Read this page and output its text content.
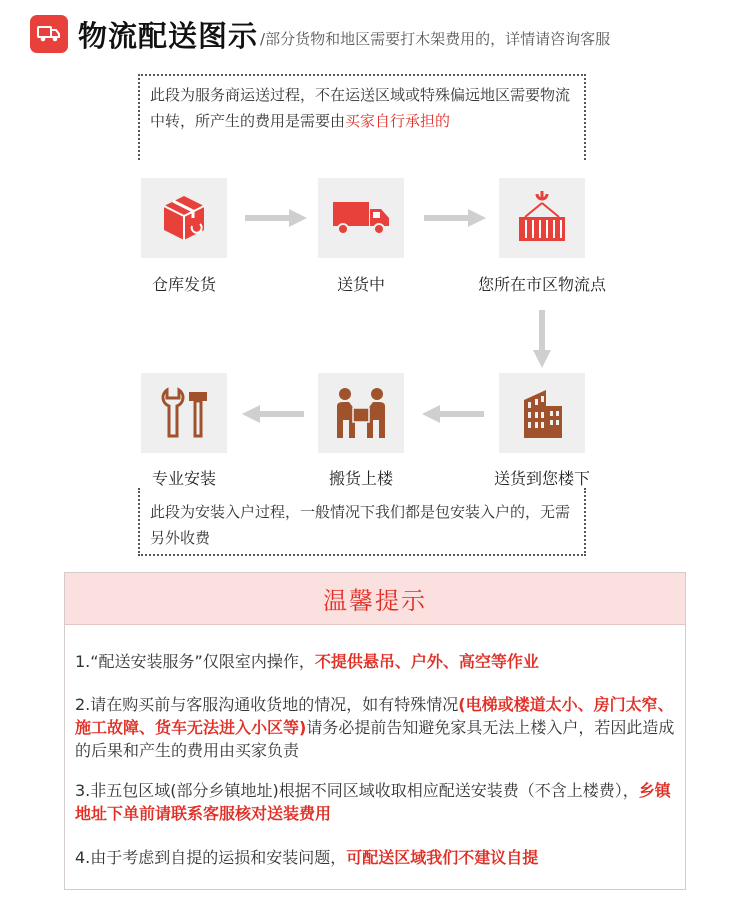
物流配送图示 /部分货物和地区需要打木架费用的，详情请咨询客服
此段为服务商运送过程，不在运送区域或特殊偏远地区需要物流中转，所产生的费用是需要由买家自行承担的
仓库发货	送货中	您所在市区物流点
送货到您楼下
搬货上楼
专业安装
此段为安装入户过程，一般情况下我们都是包安装入户的，无需另外收费
温馨提示
1.“配送安装服务”仅限室内操作，不提供悬吊、户外、高空等作业
2.请在购买前与客服沟通收货地的情况，如有特殊情况(电梯或楼道太小、房门太窄、施工故障、货车无法进入小区等)请务必提前告知避免家具无法上楼入户，若因此造成的后果和产生的费用由买家负责
3.非五包区域(部分乡镇地址)根据不同区域收取相应配送安装费（不含上楼费），乡镇地址下单前请联系客服核对送装费用
4.由于考虑到自提的运损和安装问题，可配送区域我们不建议自提
